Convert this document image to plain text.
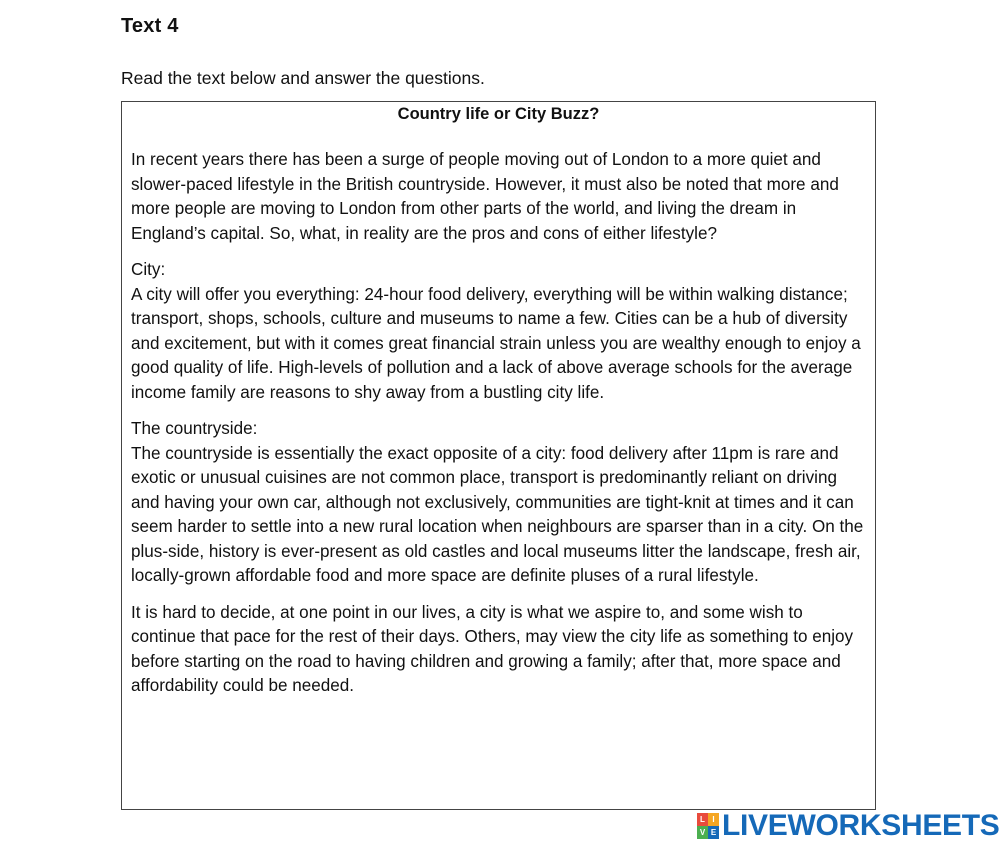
Text 4
Read the text below and answer the questions.
Country life or City Buzz?

In recent years there has been a surge of people moving out of London to a more quiet and slower-paced lifestyle in the British countryside. However, it must also be noted that more and more people are moving to London from other parts of the world, and living the dream in England’s capital. So, what, in reality are the pros and cons of either lifestyle?

City:
A city will offer you everything: 24-hour food delivery, everything will be within walking distance; transport, shops, schools, culture and museums to name a few. Cities can be a hub of diversity and excitement, but with it comes great financial strain unless you are wealthy enough to enjoy a good quality of life. High-levels of pollution and a lack of above average schools for the average income family are reasons to shy away from a bustling city life.

The countryside:
The countryside is essentially the exact opposite of a city: food delivery after 11pm is rare and exotic or unusual cuisines are not common place, transport is predominantly reliant on driving and having your own car, although not exclusively, communities are tight-knit at times and it can seem harder to settle into a new rural location when neighbours are sparser than in a city. On the plus-side, history is ever-present as old castles and local museums litter the landscape, fresh air, locally-grown affordable food and more space are definite pluses of a rural lifestyle.

It is hard to decide, at one point in our lives, a city is what we aspire to, and some wish to continue that pace for the rest of their days. Others, may view the city life as something to enjoy before starting on the road to having children and growing a family; after that, more space and affordability could be needed.

L I
V E LIVEWORKSHEETS
